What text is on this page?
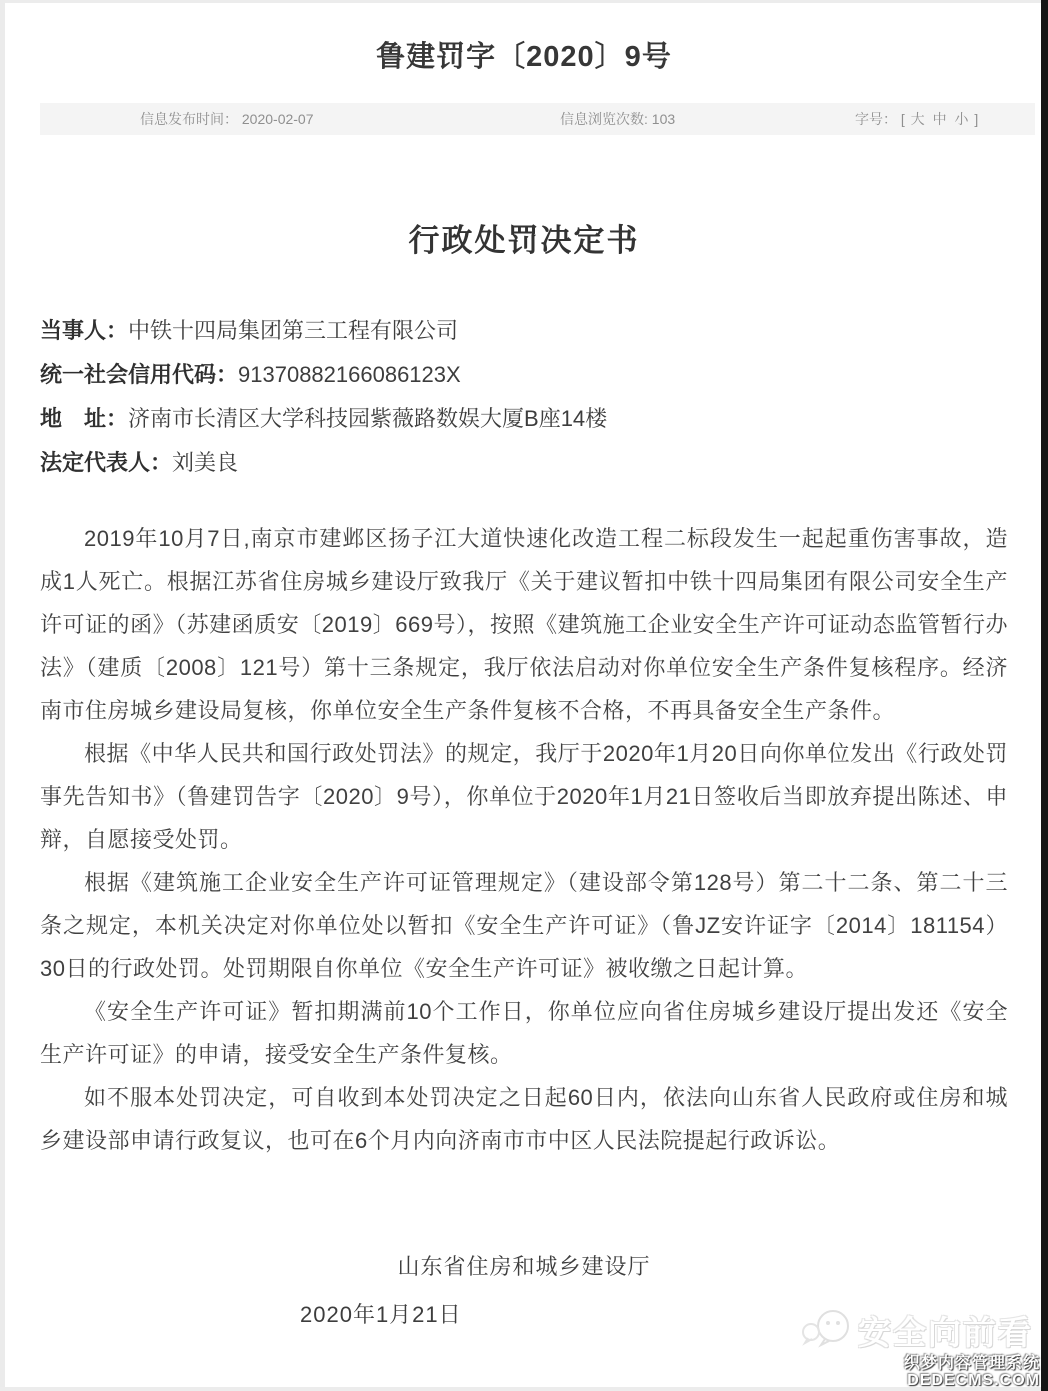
鲁建罚字〔2020〕9号
信息发布时间： 2020-02-07	信息浏览次数: 103	字号： [ 大 中 小 ]
行政处罚决定书
当事人：中铁十四局集团第三工程有限公司
统一社会信用代码：91370882166086123X
地　址：济南市长清区大学科技园紫薇路数娱大厦B座14楼
法定代表人：刘美良

2019年10月7日,南京市建邺区扬子江大道快速化改造工程二标段发生一起起重伤害事故，造成1人死亡。根据江苏省住房城乡建设厅致我厅《关于建议暂扣中铁十四局集团有限公司安全生产许可证的函》（苏建函质安〔2019〕669号），按照《建筑施工企业安全生产许可证动态监管暂行办法》（建质〔2008〕121号）第十三条规定，我厅依法启动对你单位安全生产条件复核程序。经济南市住房城乡建设局复核，你单位安全生产条件复核不合格，不再具备安全生产条件。

根据《中华人民共和国行政处罚法》的规定，我厅于2020年1月20日向你单位发出《行政处罚事先告知书》（鲁建罚告字〔2020〕9号），你单位于2020年1月21日签收后当即放弃提出陈述、申辩，自愿接受处罚。

根据《建筑施工企业安全生产许可证管理规定》（建设部令第128号）第二十二条、第二十三条之规定，本机关决定对你单位处以暂扣《安全生产许可证》（鲁JZ安许证字〔2014〕181154）30日的行政处罚。处罚期限自你单位《安全生产许可证》被收缴之日起计算。

《安全生产许可证》暂扣期满前10个工作日，你单位应向省住房城乡建设厅提出发还《安全生产许可证》的申请，接受安全生产条件复核。

如不服本处罚决定，可自收到本处罚决定之日起60日内，依法向山东省人民政府或住房和城乡建设部申请行政复议，也可在6个月内向济南市市中区人民法院提起行政诉讼。

山东省住房和城乡建设厅
2020年1月21日	安全向前看
织梦内容管理系统
DEDECMS.COM
